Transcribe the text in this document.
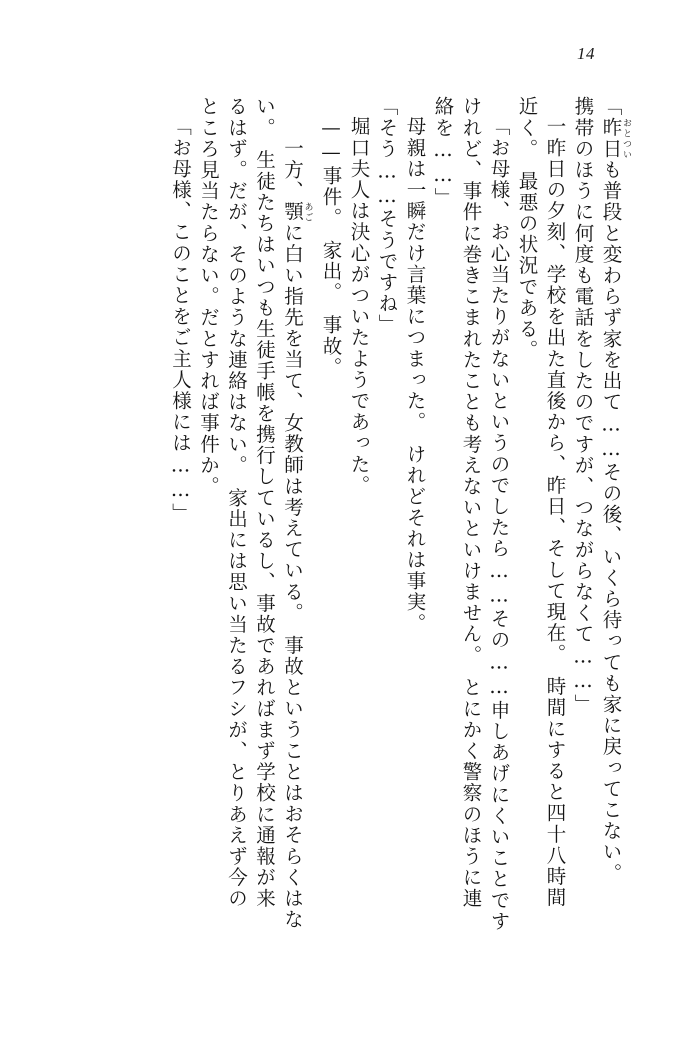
14
「昨日おとついも普段と変わらず家を出て……その後、いくら待っても家に戻ってこない。
携帯のほうに何度も電話をしたのですが、つながらなくて……」
一昨日の夕刻、学校を出た直後から、昨日、そして現在。　時間にすると四十八時間
近く。　最悪の状況である。
「お母様、お心当たりがないというのでしたら……その……申しあげにくいことです
けれど、事件に巻きこまれたことも考えないといけません。　とにかく警察のほうに連
絡を……」
母親は一瞬だけ言葉につまった。　けれどそれは事実。
「そう……そうですね」
堀口夫人は決心がついたようであった。
——事件。　家出。　事故。
一方、顎あごに白い指先を当て、女教師は考えている。　事故ということはおそらくはな
い。　生徒たちはいつも生徒手帳を携行しているし、事故であればまず学校に通報が来
るはず。だが、そのような連絡はない。　家出には思い当たるフシが、とりあえず今の
ところ見当たらない。だとすれば事件か。
「お母様、このことをご主人様には……」
